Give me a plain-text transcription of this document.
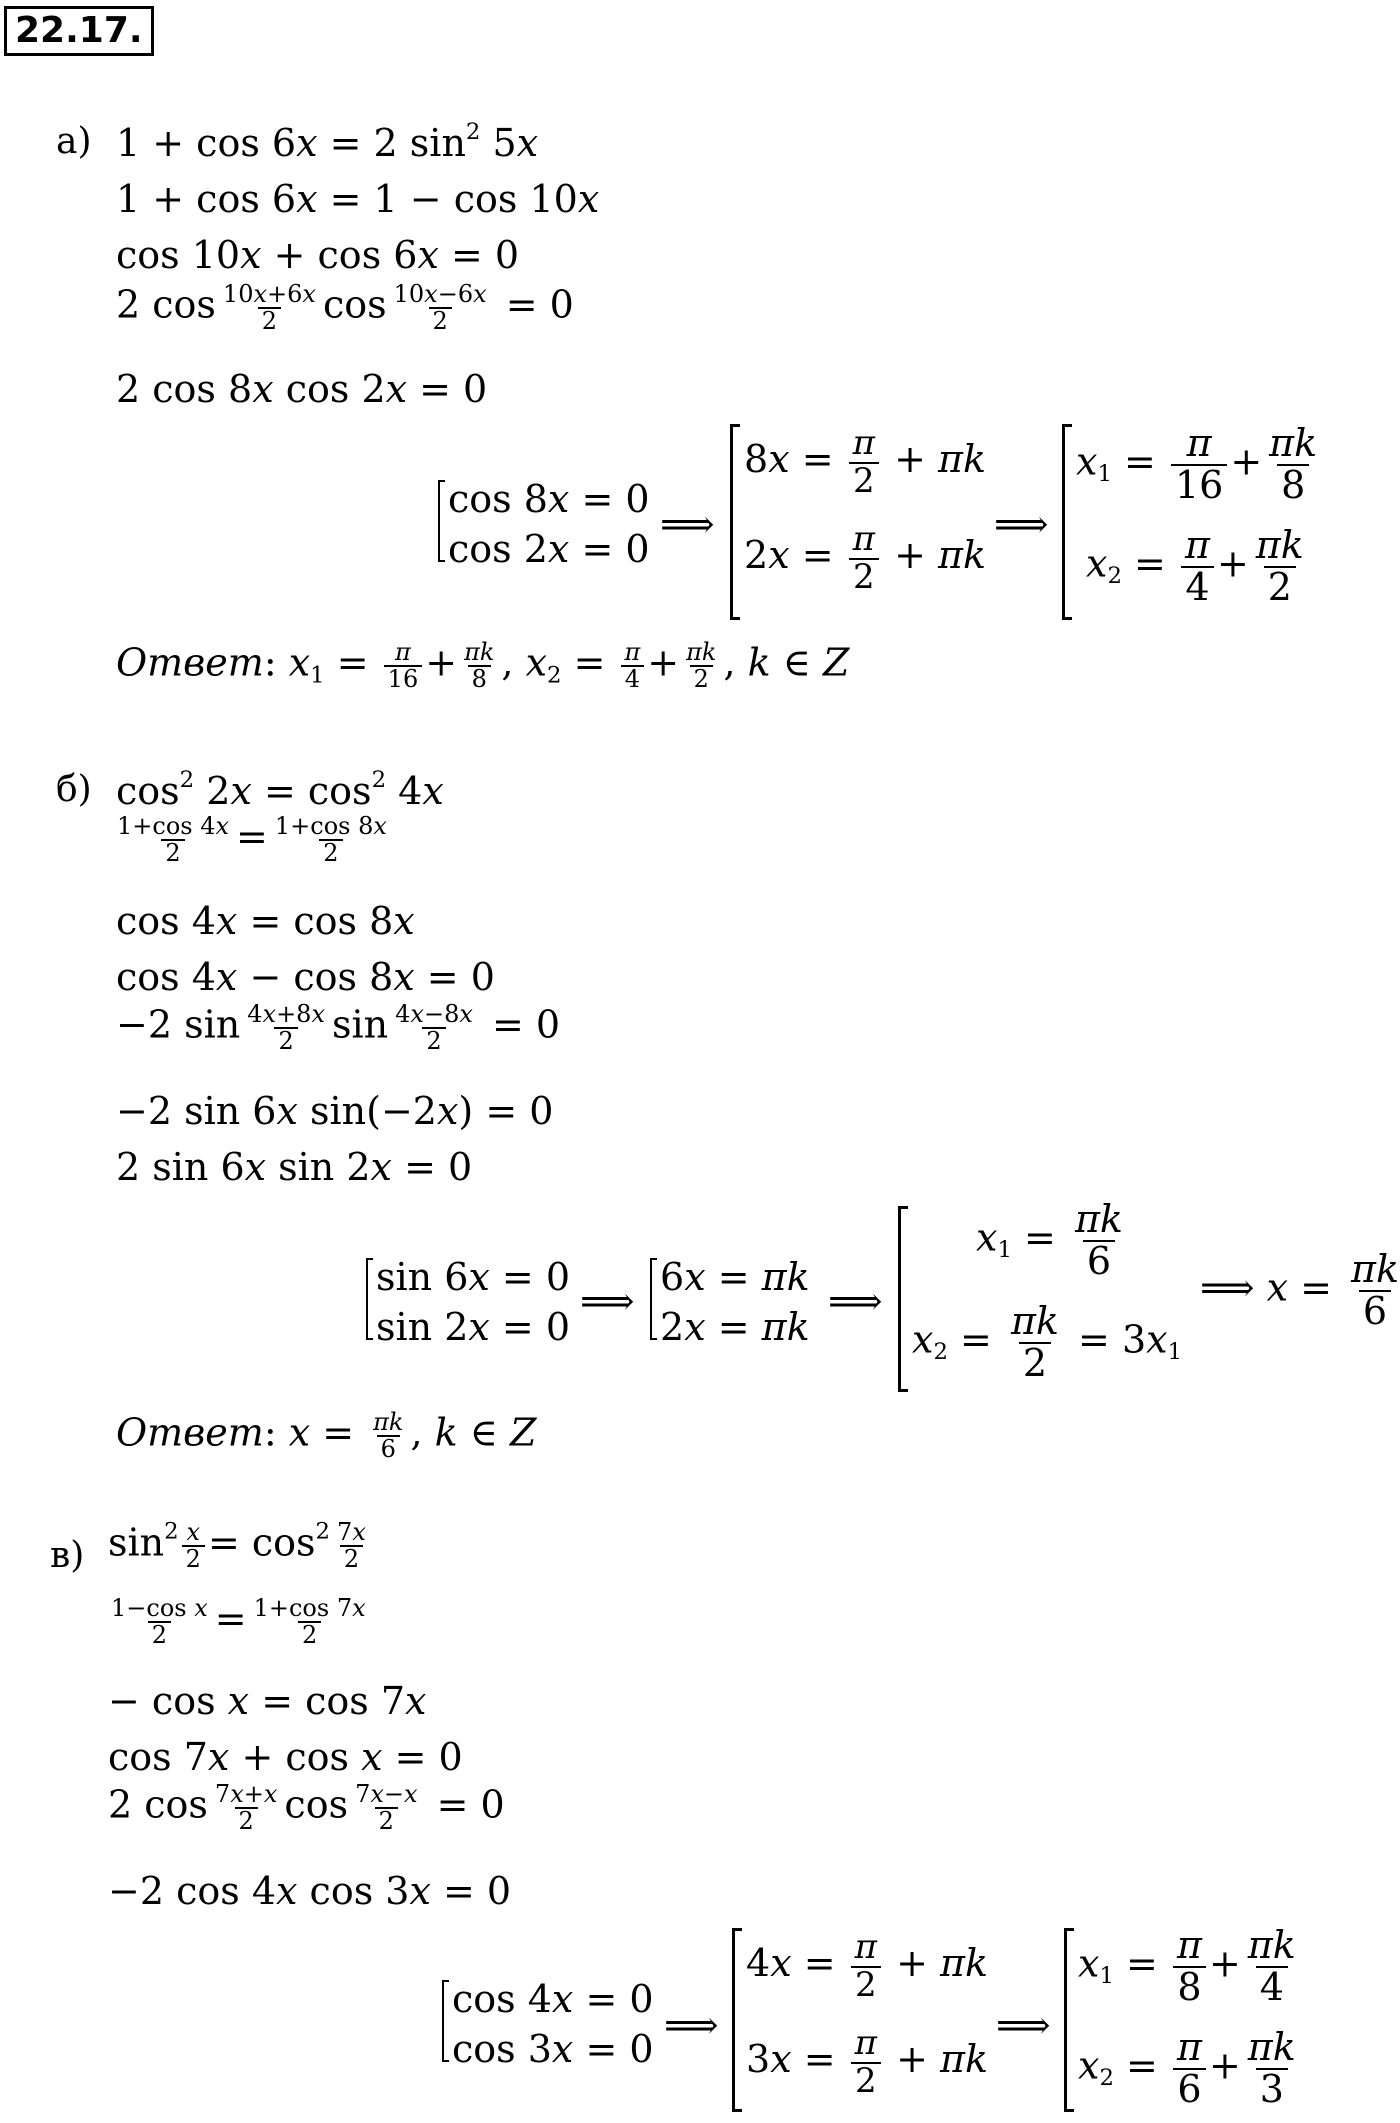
22.17.
а) 1 + cos 6x = 2 $\sin^2 5x$
1 + cos 6x = 1 − cos 10x
cos 10x + cos 6x = 0
2 $\cos \frac{10x+6x}{2}$ $\cos \frac{10x-6x}{2} = 0$
2 cos 8x cos 2x = 0
cos 8x = 0
cos 2x = 0
⟹
$8x = \frac{\pi}{2} + \pi k$
$2x = \frac{\pi}{2} + \pi k$
⟹
$x_1 = \frac{\pi}{16} + \frac{\pi k}{8}$
$x_2 = \frac{\pi}{4} + \frac{\pi k}{2}$
Ответ: $x_1 = \frac{\pi}{16} + \frac{\pi k}{8}$ , $x_2 = \frac{\pi}{4} + \frac{\pi k}{2}$ , k ∈ Z
б) $\cos^2 2x = \cos^2 4x$
$\frac{1+\cos 4x}{2} = \frac{1+\cos 8x}{2}$
cos 4x = cos 8x
cos 4x − cos 8x = 0
−2 $\sin \frac{4x+8x}{2}$ $\sin \frac{4x-8x}{2} = 0$
−2 sin 6x sin(−2x) = 0
2 sin 6x sin 2x = 0
sin 6x = 0
sin 2x = 0
⟹
6x = πk
2x = πk
⟹
$x_1 = \frac{\pi k}{6}$
$x_2 = \frac{\pi k}{2} = 3x_1$
⟹ $x = \frac{\pi k}{6}$
Ответ: $x = \frac{\pi k}{6}$ , k ∈ Z
в) $\sin^2 \frac{x}{2} = \cos^2 \frac{7x}{2}$
$\frac{\text{1−cos x}}{2} = \frac{1+\cos 7x}{2}$
− cos x = cos 7x
cos 7x + cos x = 0
2 $\cos \frac{7x+x}{2}$ $\cos \frac{7x-x}{2} = 0$
−2 cos 4x cos 3x = 0
cos 4x = 0
cos 3x = 0
⟹
$4x = \frac{\pi}{2} + \pi k$
$3x = \frac{\pi}{2} + \pi k$
⟹
$x_1 = \frac{\pi}{8} + \frac{\pi k}{4}$
$x_2 = \frac{\pi}{6} + \frac{\pi k}{3}$
